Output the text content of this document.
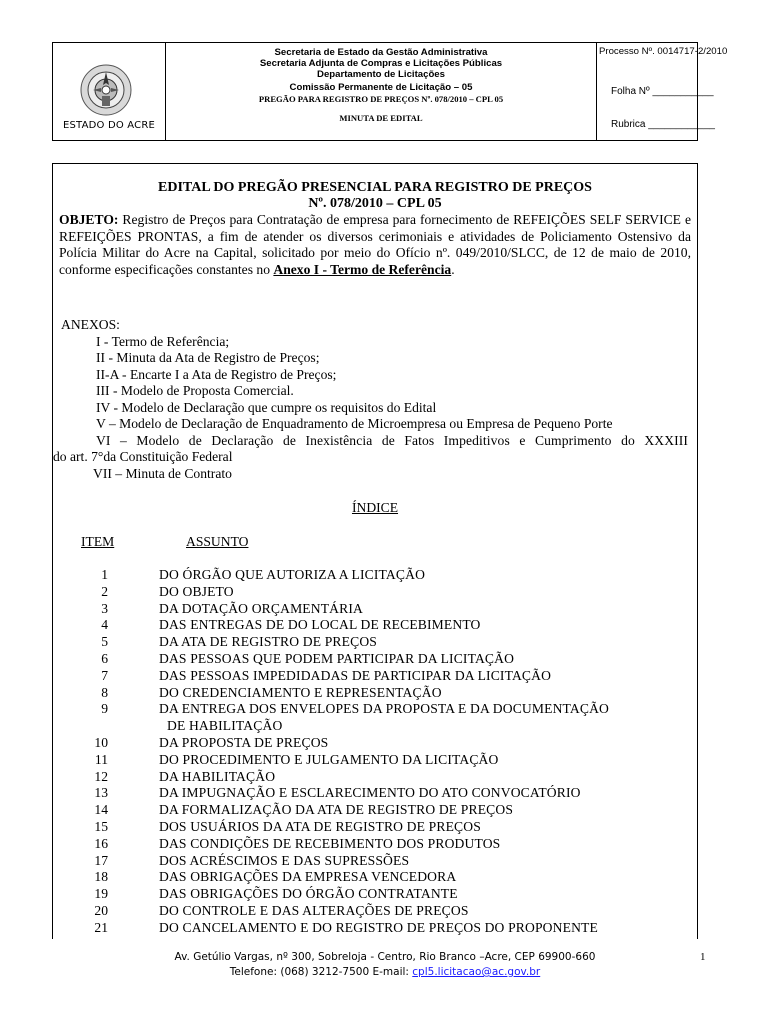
ESTADO DO ACRE
Secretaria de Estado da Gestão Administrativa
Secretaria Adjunta de Compras e Licitações Públicas
Departamento de Licitações
Comissão Permanente de Licitação – 05
PREGÃO PARA REGISTRO DE PREÇOS Nº. 078/2010 – CPL 05
MINUTA DE EDITAL
Processo Nº. 0014717-2/2010
Folha Nº ___________
Rubrica ____________
EDITAL DO PREGÃO PRESENCIAL PARA REGISTRO DE PREÇOS
Nº. 078/2010 – CPL 05
OBJETO: Registro de Preços para Contratação de empresa para fornecimento de REFEIÇÕES SELF SERVICE e REFEIÇÕES PRONTAS, a fim de atender os diversos cerimoniais e atividades de Policiamento Ostensivo da Polícia Militar do Acre na Capital, solicitado por meio do Ofício nº. 049/2010/SLCC, de 12 de maio de 2010, conforme especificações constantes no Anexo I - Termo de Referência.
ANEXOS:
I - Termo de Referência;
II - Minuta da Ata de Registro de Preços;
II-A - Encarte I a Ata de Registro de Preços;
III - Modelo de Proposta Comercial.
IV - Modelo de Declaração que cumpre os requisitos do Edital
V – Modelo de Declaração de Enquadramento de Microempresa ou Empresa de Pequeno Porte
VI – Modelo de Declaração de Inexistência de Fatos Impeditivos e Cumprimento do XXXIII
do art. 7°da Constituição Federal
VII – Minuta de Contrato
ÍNDICE
ITEM	ASSUNTO
1	DO ÓRGÃO QUE AUTORIZA A LICITAÇÃO
2	DO OBJETO
3	DA DOTAÇÃO ORÇAMENTÁRIA
4	DAS ENTREGAS DE DO LOCAL DE RECEBIMENTO
5	DA ATA DE REGISTRO DE PREÇOS
6	DAS PESSOAS QUE PODEM PARTICIPAR DA LICITAÇÃO
7	DAS PESSOAS IMPEDIDADAS DE PARTICIPAR DA LICITAÇÃO
8	DO CREDENCIAMENTO E REPRESENTAÇÃO
9	DA ENTREGA DOS ENVELOPES DA PROPOSTA E DA DOCUMENTAÇÃO
DE HABILITAÇÃO
10	DA PROPOSTA DE PREÇOS
11	DO PROCEDIMENTO E JULGAMENTO DA LICITAÇÃO
12	DA HABILITAÇÃO
13	DA IMPUGNAÇÃO E ESCLARECIMENTO DO ATO CONVOCATÓRIO
14	DA FORMALIZAÇÃO DA ATA DE REGISTRO DE PREÇOS
15	DOS USUÁRIOS DA ATA DE REGISTRO DE PREÇOS
16	DAS CONDIÇÕES DE RECEBIMENTO DOS PRODUTOS
17	DOS ACRÉSCIMOS E DAS SUPRESSÕES
18	DAS OBRIGAÇÕES DA EMPRESA VENCEDORA
19	DAS OBRIGAÇÕES DO ÓRGÃO CONTRATANTE
20	DO CONTROLE E DAS ALTERAÇÕES DE PREÇOS
21	DO CANCELAMENTO E DO REGISTRO DE PREÇOS DO PROPONENTE
Av. Getúlio Vargas, nº 300, Sobreloja - Centro, Rio Branco –Acre, CEP 69900-660
Telefone: (068) 3212-7500 E-mail: cpl5.licitacao@ac.gov.br
1
